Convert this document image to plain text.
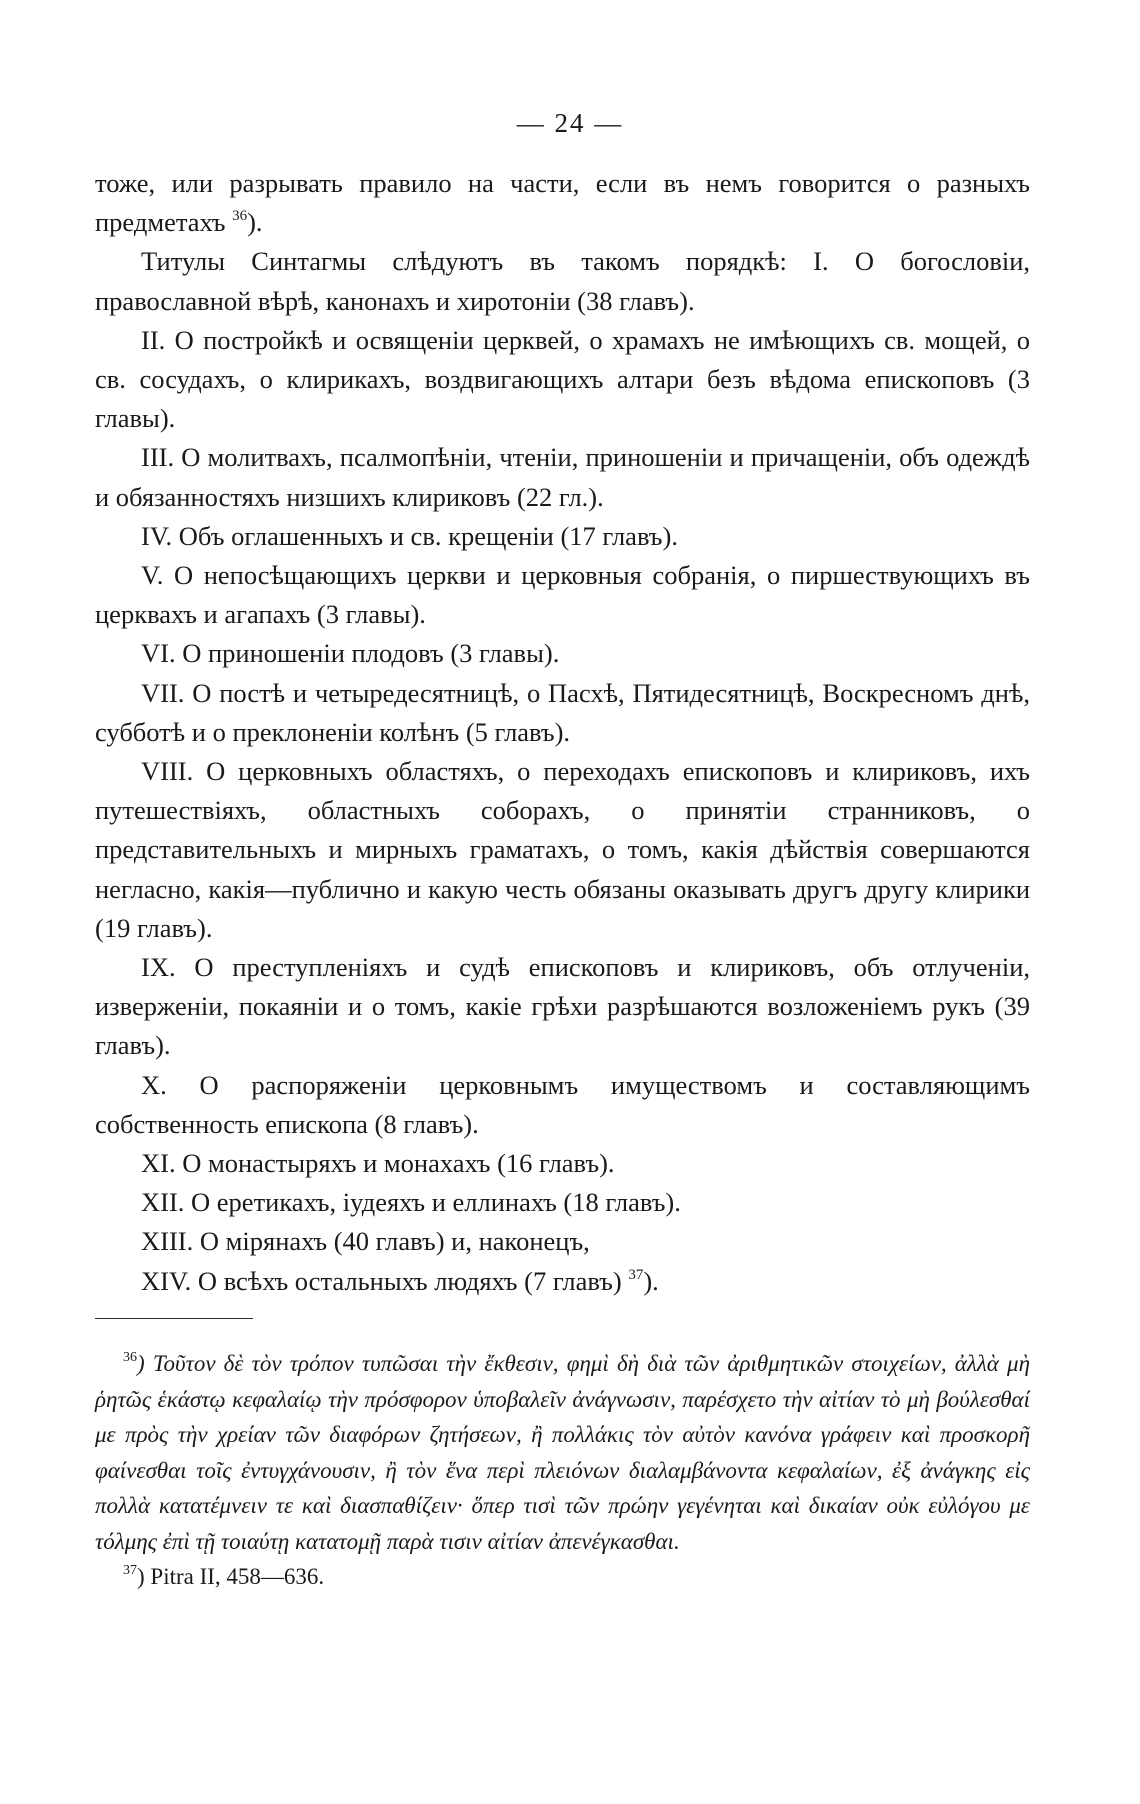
— 24 —

тоже, или разрывать правило на части, если въ немъ говорится о разныхъ предметахъ $^{36}$).

Титулы Синтагмы слѣдуютъ въ такомъ порядкѣ: I. О богословіи, православной вѣрѣ, канонахъ и хиротоніи (38 главъ).

II. О постройкѣ и освященіи церквей, о храмахъ не имѣющихъ св. мощей, о св. сосудахъ, о клирикахъ, воздвигающихъ алтари безъ вѣдома епископовъ (3 главы).

III. О молитвахъ, псалмопѣніи, чтеніи, приношеніи и причащеніи, объ одеждѣ и обязанностяхъ низшихъ клириковъ (22 гл.).

IV. Объ оглашенныхъ и св. крещеніи (17 главъ).

V. О непосѣщающихъ церкви и церковныя собранія, о пиршествующихъ въ церквахъ и агапахъ (3 главы).

VI. О приношеніи плодовъ (3 главы).

VII. О постѣ и четыредесятницѣ, о Пасхѣ, Пятидесятницѣ, Воскресномъ днѣ, субботѣ и о преклоненіи колѣнъ (5 главъ).

VIII. О церковныхъ областяхъ, о переходахъ епископовъ и клириковъ, ихъ путешествіяхъ, областныхъ соборахъ, о принятіи странниковъ, о представительныхъ и мирныхъ граматахъ, о томъ, какія дѣйствія совершаются негласно, какія—публично и какую честь обязаны оказывать другъ другу клирики (19 главъ).

IX. О преступленіяхъ и судѣ епископовъ и клириковъ, объ отлученіи, изверженіи, покаяніи и о томъ, какіе грѣхи разрѣшаются возложеніемъ рукъ (39 главъ).

X. О распоряженіи церковнымъ имуществомъ и составляющимъ собственность епископа (8 главъ).

XI. О монастыряхъ и монахахъ (16 главъ).

XII. О еретикахъ, іудеяхъ и еллинахъ (18 главъ).

XIII. О мірянахъ (40 главъ) и, наконецъ,

XIV. О всѣхъ остальныхъ людяхъ (7 главъ) $^{37}$).

$^{36}$) Τοῦτον δὲ τὸν τρόπον τυπῶσαι τὴν ἔκθεσιν, φημὶ δὴ διὰ τῶν ἀριθμητικῶν στοιχείων, ἀλλὰ μὴ ῥητῶς ἑκάστῳ κεφαλαίῳ τὴν πρόσφορον ὑποβαλεῖν ἀνάγνωσιν, παρέσχετο τὴν αἰτίαν τὸ μὴ βούλεσθαί με πρὸς τὴν χρείαν τῶν διαφόρων ζητήσεων, ἢ πολλάκις τὸν αὐτὸν κανόνα γράφειν καὶ προσκορῆ φαίνεσθαι τοῖς ἐντυγχάνουσιν, ἢ τὸν ἕνα περὶ πλειόνων διαλαμβάνοντα κεφαλαίων, ἐξ ἀνάγκης εἰς πολλὰ κατατέμνειν τε καὶ διασπαθίζειν· ὅπερ τισὶ τῶν πρώην γεγένηται καὶ δικαίαν οὐκ εὐλόγου με τόλμης ἐπὶ τῇ τοιαύτῃ κατατομῇ παρὰ τισιν αἰτίαν ἀπενέγκασθαι.

$^{37}$) Pitra II, 458—636.
